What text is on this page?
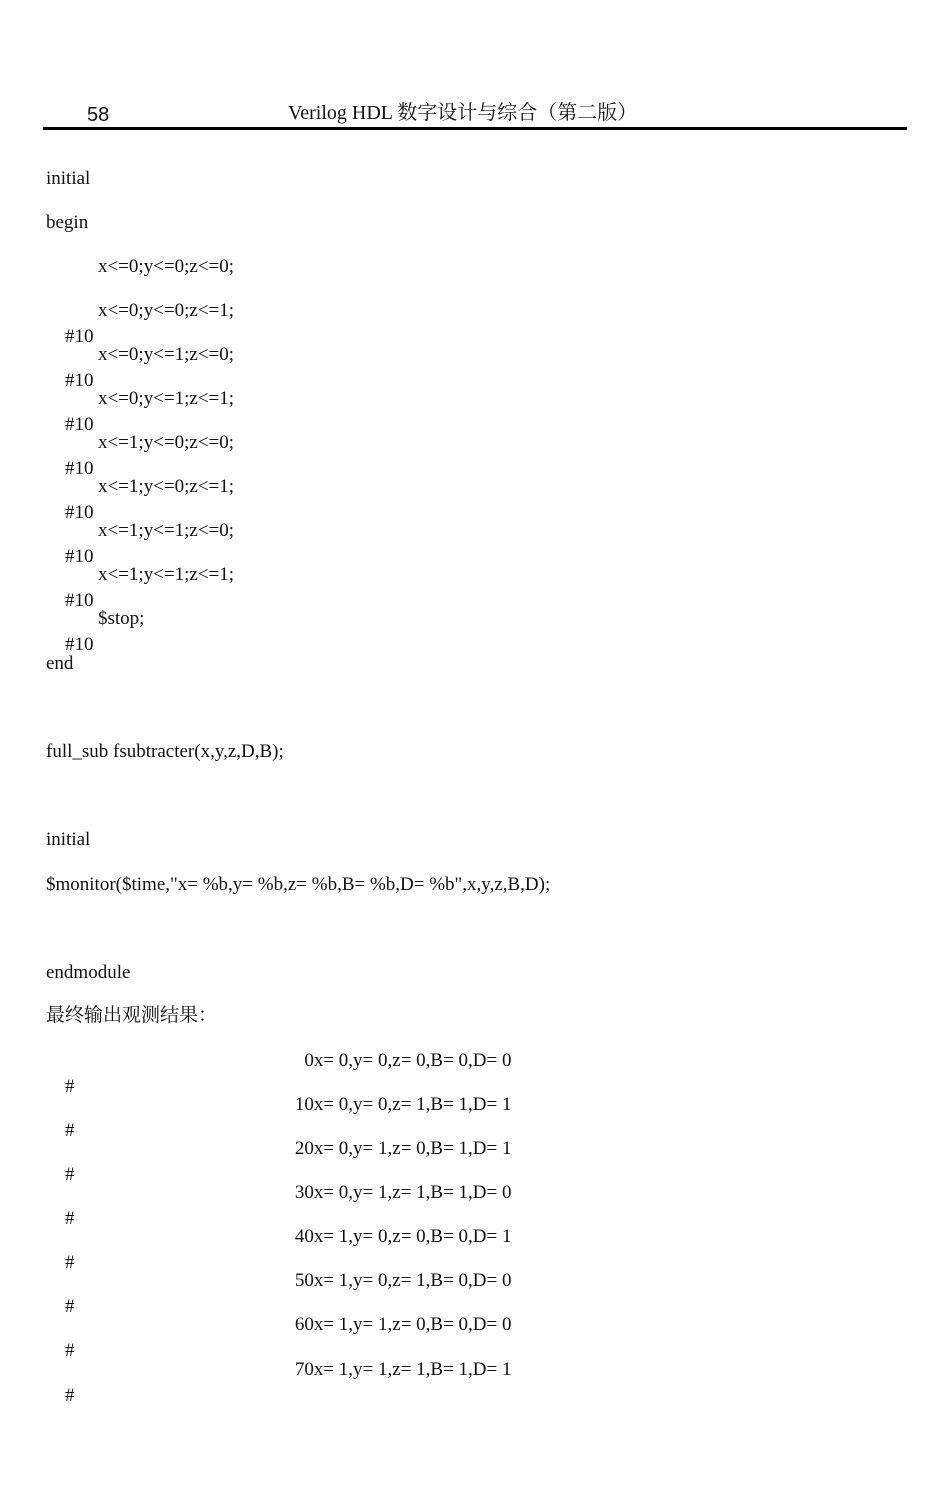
58	Verilog HDL 数字设计与综合（第二版）
initial
begin

x<=0;y<=0;z<=0;

#10

x<=0;y<=0;z<=1;

#10

x<=0;y<=1;z<=0;

#10

x<=0;y<=1;z<=1;

#10

x<=1;y<=0;z<=0;

#10

x<=1;y<=0;z<=1;

#10

x<=1;y<=1;z<=0;

#10

x<=1;y<=1;z<=1;

#10

$stop;

end
full_sub fsubtracter(x,y,z,D,B);
initial
$monitor($time,"x= %b,y= %b,z= %b,B= %b,D= %b",x,y,z,B,D);
endmodule
最终输出观测结果：

#

0x= 0,y= 0,z= 0,B= 0,D= 0

#

10x= 0,y= 0,z= 1,B= 1,D= 1

#

20x= 0,y= 1,z= 0,B= 1,D= 1

#

30x= 0,y= 1,z= 1,B= 1,D= 0

#

40x= 1,y= 0,z= 0,B= 0,D= 1

#

50x= 1,y= 0,z= 1,B= 0,D= 0

#

60x= 1,y= 1,z= 0,B= 0,D= 0

#

70x= 1,y= 1,z= 1,B= 1,D= 1
